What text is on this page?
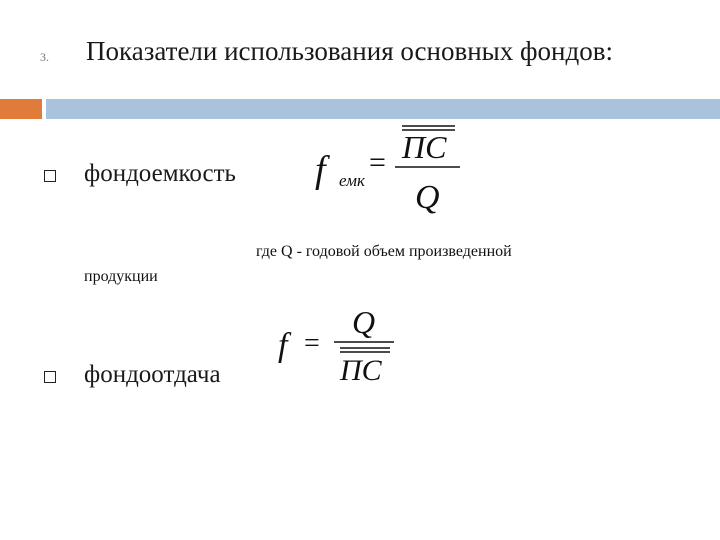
3. Показатели использования основных фондов:
фондоемкость f емк
= ПС
Q
где Q - годовой объем произведенной
продукции
фондоотдача
f =
Q
ПС
